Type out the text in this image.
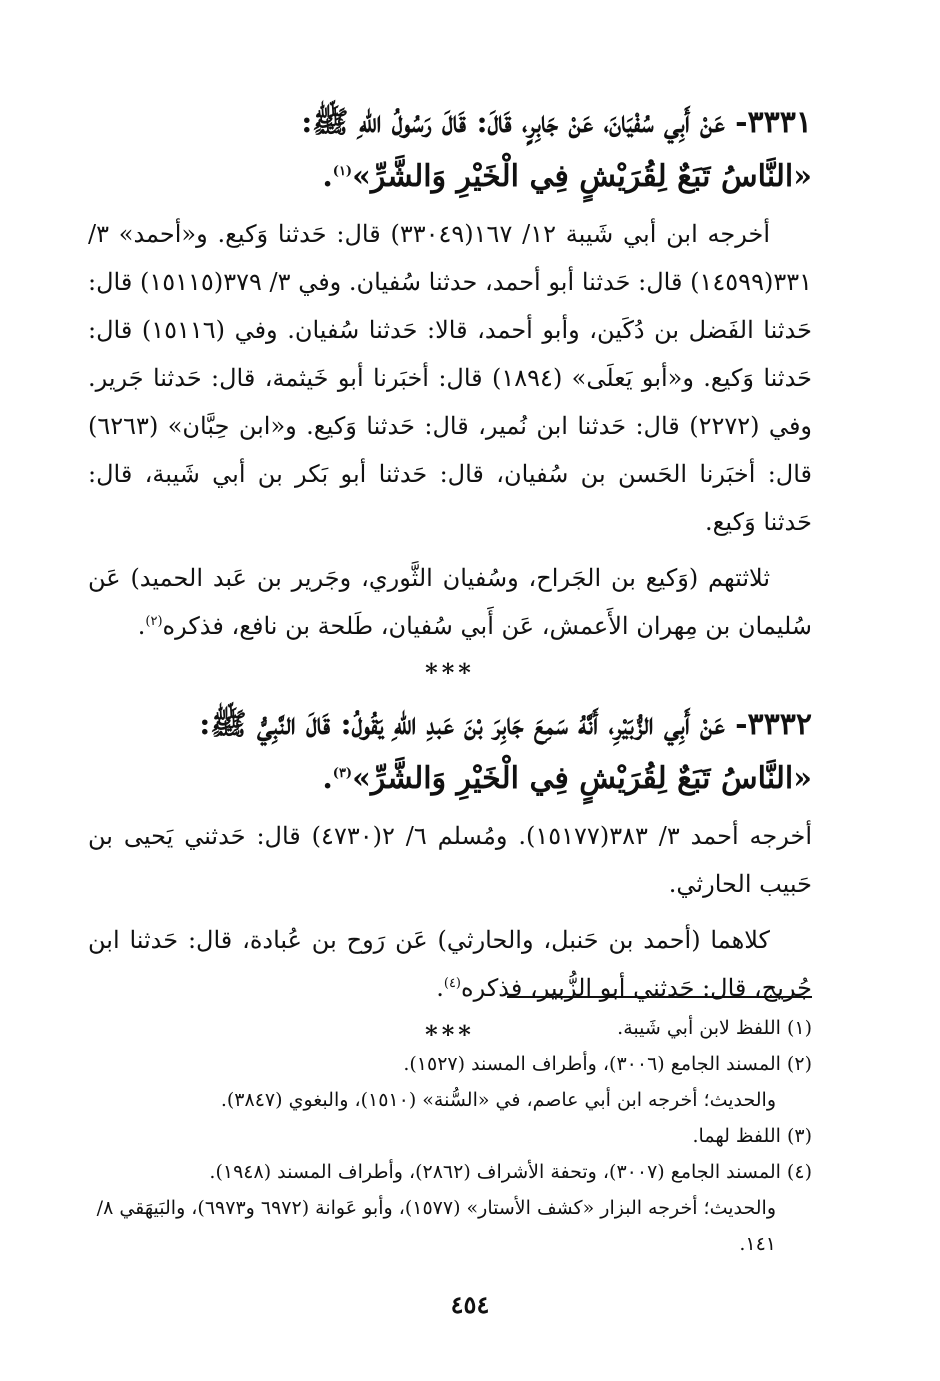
٣٣٣١- عَنْ أَبِي سُفْيَانَ، عَنْ جَابِرٍ، قَالَ: قَالَ رَسُولُ اللهِ ﷺ:
«النَّاسُ تَبَعٌ لِقُرَيْشٍ فِي الْخَيْرِ وَالشَّرِّ»$^{(١)}$.

أخرجه ابن أبي شَيبة ١٢/ ١٦٧(٣٣٠٤٩) قال: حَدثنا وَكيع. و«أحمد» ٣/ ٣٣١(١٤٥٩٩) قال: حَدثنا أبو أحمد، حدثنا سُفيان. وفي ٣/ ٣٧٩(١٥١١٥) قال: حَدثنا الفَضل بن دُكَين، وأبو أحمد، قالا: حَدثنا سُفيان. وفي (١٥١١٦) قال: حَدثنا وَكيع. و«أبو يَعلَى» (١٨٩٤) قال: أخبَرنا أبو خَيثمة، قال: حَدثنا جَرير. وفي (٢٢٧٢) قال: حَدثنا ابن نُمير، قال: حَدثنا وَكيع. و«ابن حِبَّان» (٦٢٦٣) قال: أخبَرنا الحَسن بن سُفيان، قال: حَدثنا أبو بَكر بن أبي شَيبة، قال: حَدثنا وَكيع.

ثلاثتهم (وَكيع بن الجَراح، وسُفيان الثَّوري، وجَرير بن عَبد الحميد) عَن سُليمان بن مِهران الأَعمش، عَن أَبي سُفيان، طَلحة بن نافع، فذكره$^{(٢)}$.

***

٣٣٣٢- عَنْ أَبِي الزُّبَيْرِ، أَنَّهُ سَمِعَ جَابِرَ بْنَ عَبدِ اللهِ يَقُولُ: قَالَ النَّبِيُّ ﷺ:
«النَّاسُ تَبَعٌ لِقُرَيْشٍ فِي الْخَيْرِ وَالشَّرِّ»$^{(٣)}$.

أخرجه أحمد ٣/ ٣٨٣(١٥١٧٧). ومُسلم ٦/ ٢(٤٧٣٠) قال: حَدثني يَحيى بن حَبيب الحارثي.

كلاهما (أحمد بن حَنبل، والحارثي) عَن رَوح بن عُبادة، قال: حَدثنا ابن جُريج، قال: حَدثني أبو الزُّبير، فذكره$^{(٤)}$.

***	(١) اللفظ لابن أبي شَيبة.

(٢) المسند الجامع (٣٠٠٦)، وأطراف المسند (١٥٢٧).

والحديث؛ أخرجه ابن أبي عاصم، في «السُّنة» (١٥١٠)، والبغوي (٣٨٤٧).

(٣) اللفظ لهما.

(٤) المسند الجامع (٣٠٠٧)، وتحفة الأشراف (٢٨٦٢)، وأطراف المسند (١٩٤٨).

والحديث؛ أخرجه البزار «كشف الأستار» (١٥٧٧)، وأبو عَوانة (٦٩٧٢ و٦٩٧٣)، والبَيهَقي ٨/ ١٤١.

٤٥٤
